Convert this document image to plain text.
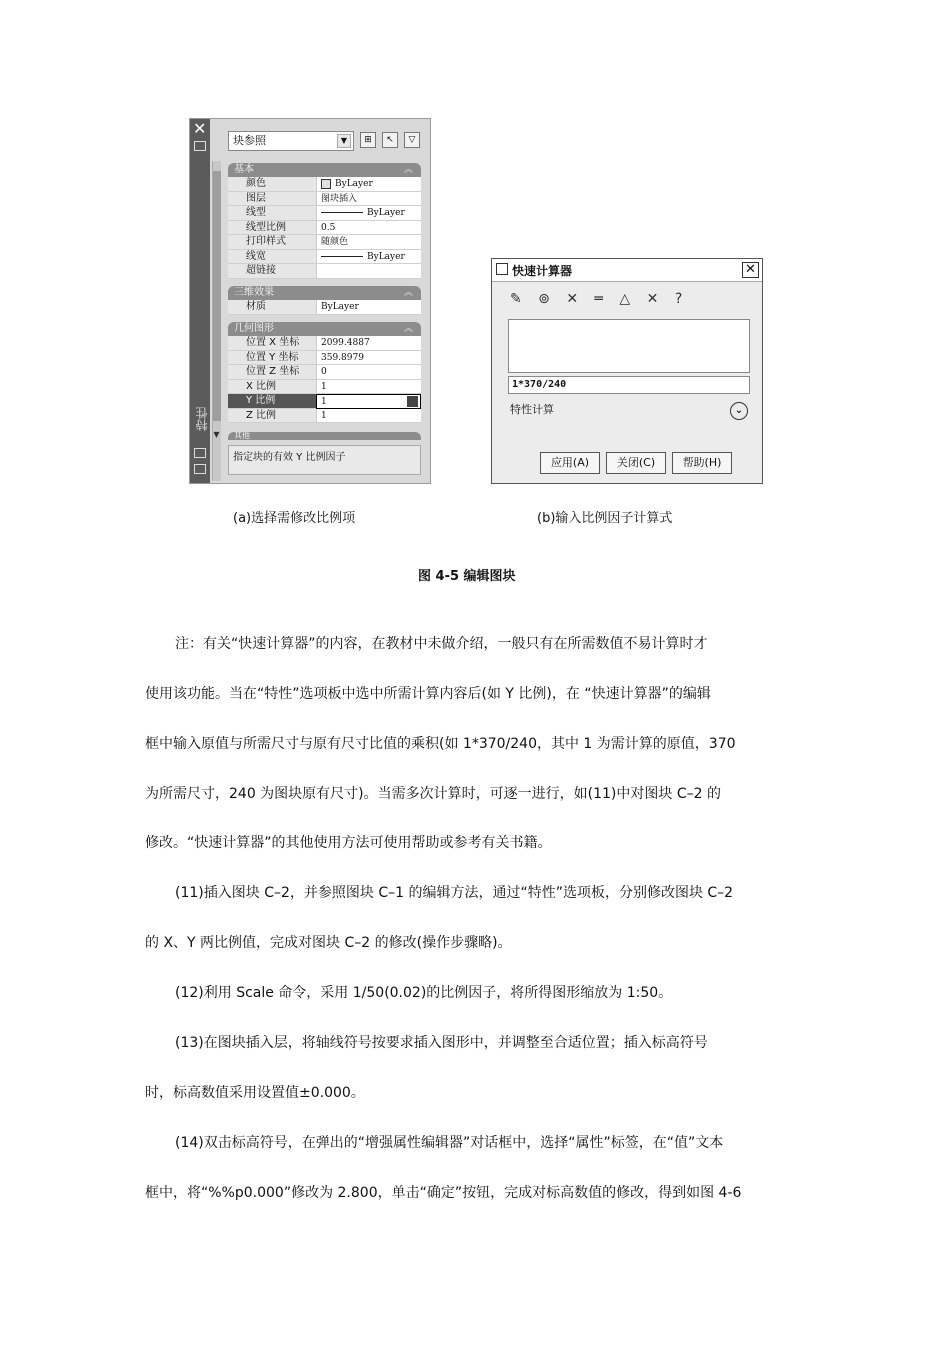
✕
特性
▼
块参照	▼	⊞	↖	▽
基本	︽
颜色	ByLayer
图层	图块插入
线型	ByLayer
线型比例	0.5
打印样式	随颜色
线宽	ByLayer
超链接
三维效果	︽
材质	ByLayer
几何图形	︽
位置 X 坐标	2099.4887
位置 Y 坐标	359.8979
位置 Z 坐标	0
X 比例	1
Y 比例	1
Z 比例	1
其他
指定块的有效 Y 比例因子
快速计算器	✕
✎ ⊚ ✕ ═ △ ✕ ?
1*370/240
特性计算	⌄
应用(A)	关闭(C)	帮助(H)
(a)选择需修改比例项	(b)输入比例因子计算式
图 4-5 编辑图块
注：有关“快速计算器”的内容，在教材中未做介绍，一般只有在所需数值不易计算时才
使用该功能。当在“特性”选项板中选中所需计算内容后(如 Y 比例)，在 “快速计算器”的编辑
框中输入原值与所需尺寸与原有尺寸比值的乘积(如 1*370/240，其中 1 为需计算的原值，370
为所需尺寸，240 为图块原有尺寸)。当需多次计算时，可逐一进行，如(11)中对图块 C–2 的
修改。“快速计算器”的其他使用方法可使用帮助或参考有关书籍。
(11)插入图块 C–2，并参照图块 C–1 的编辑方法，通过“特性”选项板，分别修改图块 C–2
的 X、Y 两比例值，完成对图块 C–2 的修改(操作步骤略)。
(12)利用 Scale 命令，采用 1/50(0.02)的比例因子，将所得图形缩放为 1:50。
(13)在图块插入层，将轴线符号按要求插入图形中，并调整至合适位置；插入标高符号
时，标高数值采用设置值±0.000。
(14)双击标高符号，在弹出的“增强属性编辑器”对话框中，选择“属性”标签，在“值”文本
框中，将“%%p0.000”修改为 2.800，单击“确定”按钮，完成对标高数值的修改，得到如图 4-6
